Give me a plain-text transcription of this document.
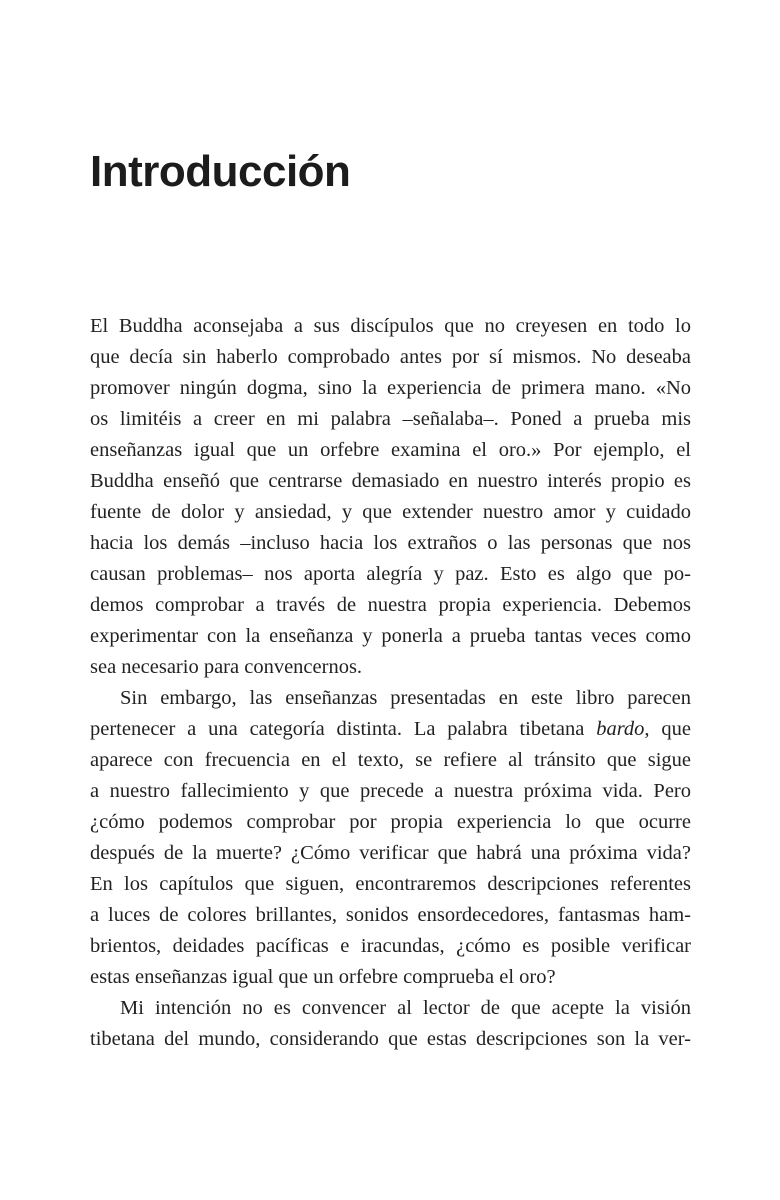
Introducción
El Buddha aconsejaba a sus discípulos que no creyesen en todo lo
que decía sin haberlo comprobado antes por sí mismos. No deseaba
promover ningún dogma, sino la experiencia de primera mano. «No
os limitéis a creer en mi palabra –señalaba–. Poned a prueba mis
enseñanzas igual que un orfebre examina el oro.» Por ejemplo, el
Buddha enseñó que centrarse demasiado en nuestro interés propio es
fuente de dolor y ansiedad, y que extender nuestro amor y cuidado
hacia los demás –incluso hacia los extraños o las personas que nos
causan problemas– nos aporta alegría y paz. Esto es algo que po-
demos comprobar a través de nuestra propia experiencia. Debemos
experimentar con la enseñanza y ponerla a prueba tantas veces como
sea necesario para convencernos.
Sin embargo, las enseñanzas presentadas en este libro parecen
pertenecer a una categoría distinta. La palabra tibetana bardo, que
aparece con frecuencia en el texto, se refiere al tránsito que sigue
a nuestro fallecimiento y que precede a nuestra próxima vida. Pero
¿cómo podemos comprobar por propia experiencia lo que ocurre
después de la muerte? ¿Cómo verificar que habrá una próxima vida?
En los capítulos que siguen, encontraremos descripciones referentes
a luces de colores brillantes, sonidos ensordecedores, fantasmas ham-
brientos, deidades pacíficas e iracundas, ¿cómo es posible verificar
estas enseñanzas igual que un orfebre comprueba el oro?
Mi intención no es convencer al lector de que acepte la visión
tibetana del mundo, considerando que estas descripciones son la ver-
